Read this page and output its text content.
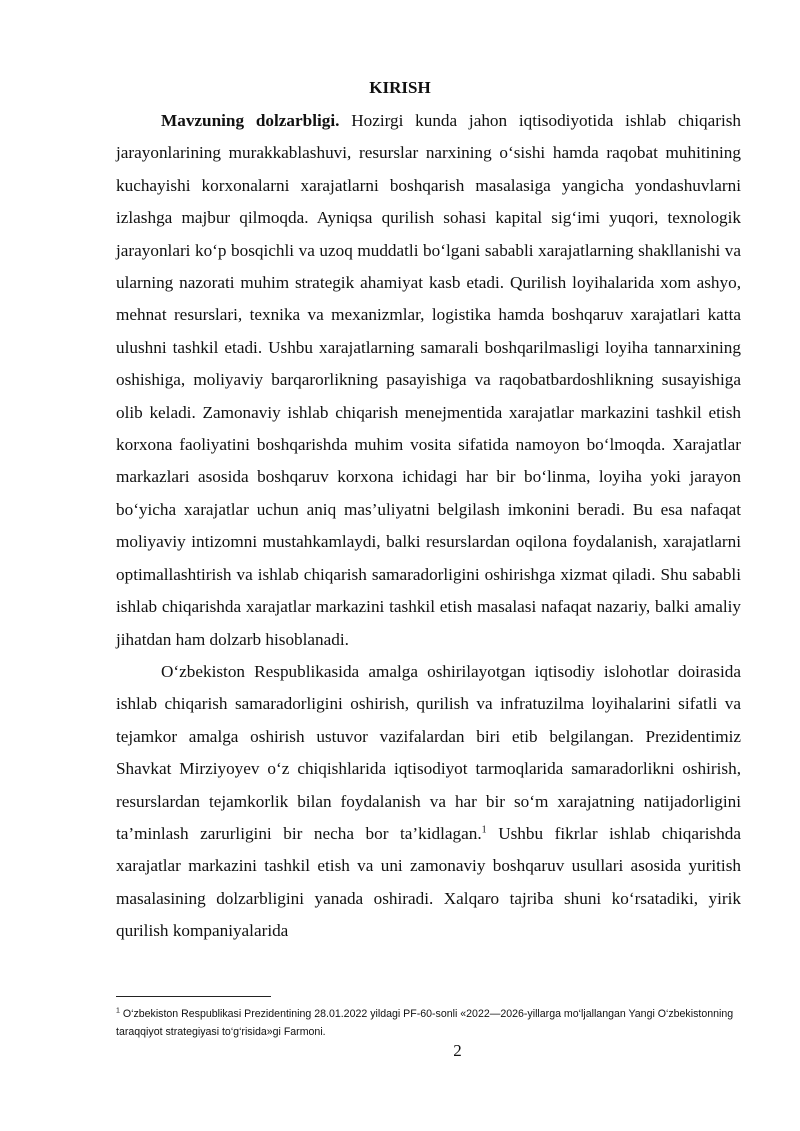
KIRISH

Mavzuning dolzarbligi. Hozirgi kunda jahon iqtisodiyotida ishlab chiqarish jarayonlarining murakkablashuvi, resurslar narxining o‘sishi hamda raqobat muhitining kuchayishi korxonalarni xarajatlarni boshqarish masalasiga yangicha yondashuvlarni izlashga majbur qilmoqda. Ayniqsa qurilish sohasi kapital sig‘imi yuqori, texnologik jarayonlari ko‘p bosqichli va uzoq muddatli bo‘lgani sababli xarajatlarning shakllanishi va ularning nazorati muhim strategik ahamiyat kasb etadi. Qurilish loyihalarida xom ashyo, mehnat resurslari, texnika va mexanizmlar, logistika hamda boshqaruv xarajatlari katta ulushni tashkil etadi. Ushbu xarajatlarning samarali boshqarilmasligi loyiha tannarxining oshishiga, moliyaviy barqarorlikning pasayishiga va raqobatbardoshlikning susayishiga olib keladi. Zamonaviy ishlab chiqarish menejmentida xarajatlar markazini tashkil etish korxona faoliyatini boshqarishda muhim vosita sifatida namoyon bo‘lmoqda. Xarajatlar markazlari asosida boshqaruv korxona ichidagi har bir bo‘linma, loyiha yoki jarayon bo‘yicha xarajatlar uchun aniq mas’uliyatni belgilash imkonini beradi. Bu esa nafaqat moliyaviy intizomni mustahkamlaydi, balki resurslardan oqilona foydalanish, xarajatlarni optimallashtirish va ishlab chiqarish samaradorligini oshirishga xizmat qiladi. Shu sababli ishlab chiqarishda xarajatlar markazini tashkil etish masalasi nafaqat nazariy, balki amaliy jihatdan ham dolzarb hisoblanadi.

O‘zbekiston Respublikasida amalga oshirilayotgan iqtisodiy islohotlar doirasida ishlab chiqarish samaradorligini oshirish, qurilish va infratuzilma loyihalarini sifatli va tejamkor amalga oshirish ustuvor vazifalardan biri etib belgilangan. Prezidentimiz Shavkat Mirziyoyev o‘z chiqishlarida iqtisodiyot tarmoqlarida samaradorlikni oshirish, resurslardan tejamkorlik bilan foydalanish va har bir so‘m xarajatning natijadorligini ta’minlash zarurligini bir necha bor ta’kidlagan.$^1$ Ushbu fikrlar ishlab chiqarishda xarajatlar markazini tashkil etish va uni zamonaviy boshqaruv usullari asosida yuritish masalasining dolzarbligini yanada oshiradi. Xalqaro tajriba shuni ko‘rsatadiki, yirik qurilish kompaniyalarida

$^1$ O‘zbekiston Respublikasi Prezidentining 28.01.2022 yildagi PF-60-sonli «2022—2026-yillarga mo‘ljallangan Yangi O‘zbekistonning taraqqiyot strategiyasi to‘g‘risida»gi Farmoni.
2
